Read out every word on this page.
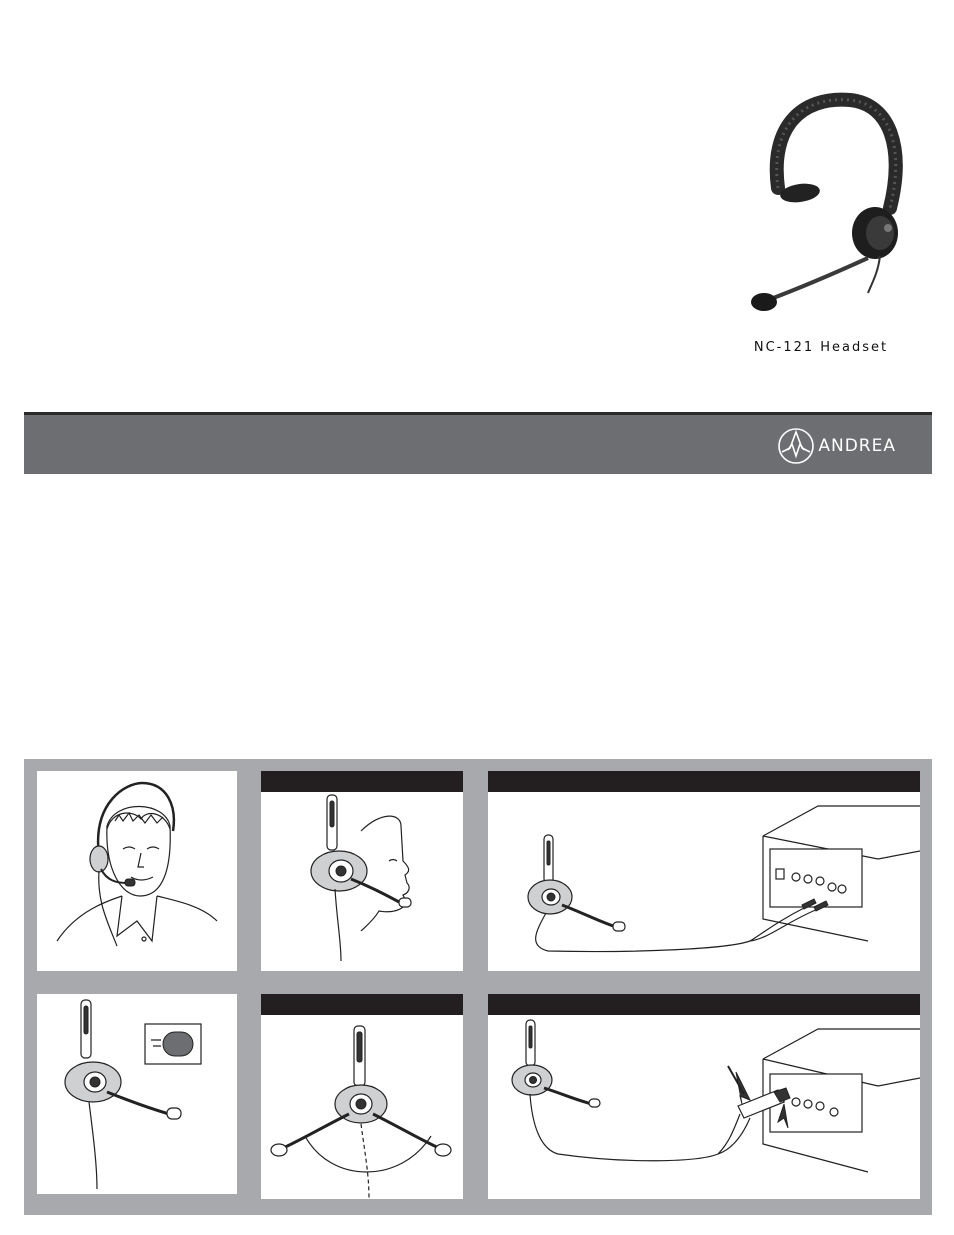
NC-121 Headset
ANDREA
